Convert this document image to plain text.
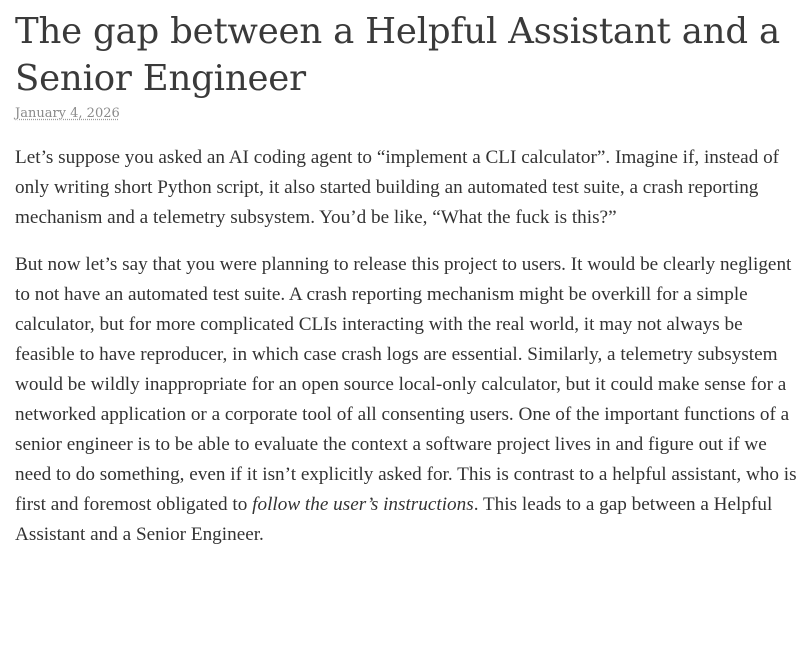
The gap between a Helpful Assistant and a Senior Engineer
January 4, 2026

Let’s suppose you asked an AI coding agent to “implement a CLI calculator”. Imagine if, instead of only writing short Python script, it also started building an automated test suite, a crash reporting mechanism and a telemetry subsystem. You’d be like, “What the fuck is this?”

But now let’s say that you were planning to release this project to users. It would be clearly negligent to not have an automated test suite. A crash reporting mechanism might be overkill for a simple calculator, but for more complicated CLIs interacting with the real world, it may not always be feasible to have reproducer, in which case crash logs are essential. Similarly, a telemetry subsystem would be wildly inappropriate for an open source local-only calculator, but it could make sense for a networked application or a corporate tool of all consenting users. One of the important functions of a senior engineer is to be able to evaluate the context a software project lives in and figure out if we need to do something, even if it isn’t explicitly asked for. This is contrast to a helpful assistant, who is first and foremost obligated to follow the user’s instructions. This leads to a gap between a Helpful Assistant and a Senior Engineer.
